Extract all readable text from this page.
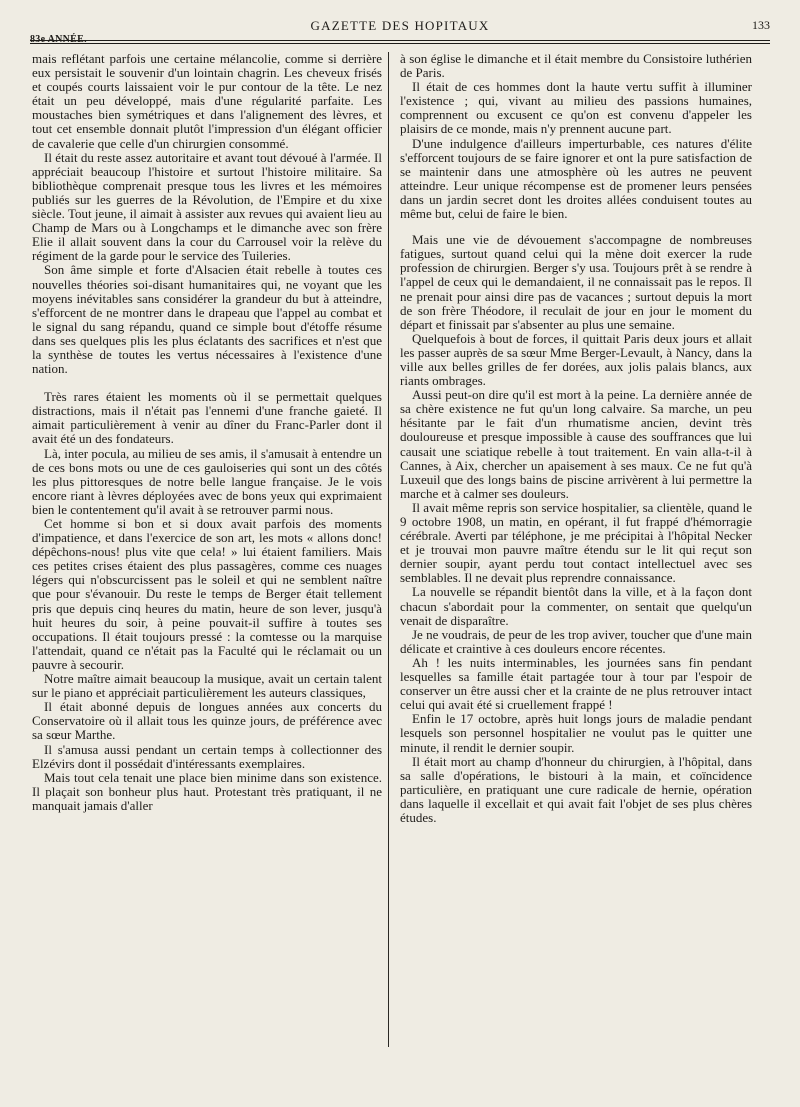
83e ANNÉE.
GAZETTE DES HOPITAUX	133

mais reflétant parfois une certaine mélancolie, comme si derrière eux persistait le souvenir d'un lointain chagrin. Les cheveux frisés et coupés courts laissaient voir le pur contour de la tête. Le nez était un peu développé, mais d'une régularité parfaite. Les moustaches bien symétriques et dans l'alignement des lèvres, et tout cet ensemble donnait plutôt l'impression d'un élégant officier de cavalerie que celle d'un chirurgien consommé.

Il était du reste assez autoritaire et avant tout dévoué à l'armée. Il appréciait beaucoup l'histoire et surtout l'histoire militaire. Sa bibliothèque comprenait presque tous les livres et les mémoires publiés sur les guerres de la Révolution, de l'Empire et du xixe siècle. Tout jeune, il aimait à assister aux revues qui avaient lieu au Champ de Mars ou à Longchamps et le dimanche avec son frère Elie il allait souvent dans la cour du Carrousel voir la relève du régiment de la garde pour le service des Tuileries.

Son âme simple et forte d'Alsacien était rebelle à toutes ces nouvelles théories soi-disant humanitaires qui, ne voyant que les moyens inévitables sans considérer la grandeur du but à atteindre, s'efforcent de ne montrer dans le drapeau que l'appel au combat et le signal du sang répandu, quand ce simple bout d'étoffe résume dans ses quelques plis les plus éclatants des sacrifices et n'est que la synthèse de toutes les vertus nécessaires à l'existence d'une nation.

Très rares étaient les moments où il se permettait quelques distractions, mais il n'était pas l'ennemi d'une franche gaieté. Il aimait particulièrement à venir au dîner du Franc-Parler dont il avait été un des fondateurs.

Là, inter pocula, au milieu de ses amis, il s'amusait à entendre un de ces bons mots ou une de ces gauloiseries qui sont un des côtés les plus pittoresques de notre belle langue française. Je le vois encore riant à lèvres déployées avec de bons yeux qui exprimaient bien le contentement qu'il avait à se retrouver parmi nous.

Cet homme si bon et si doux avait parfois des moments d'impatience, et dans l'exercice de son art, les mots « allons donc! dépêchons-nous! plus vite que cela! » lui étaient familiers. Mais ces petites crises étaient des plus passagères, comme ces nuages légers qui n'obscurcissent pas le soleil et qui ne semblent naître que pour s'évanouir. Du reste le temps de Berger était tellement pris que depuis cinq heures du matin, heure de son lever, jusqu'à huit heures du soir, à peine pouvait-il suffire à toutes ses occupations. Il était toujours pressé : la comtesse ou la marquise l'attendait, quand ce n'était pas la Faculté qui le réclamait ou un pauvre à secourir.

Notre maître aimait beaucoup la musique, avait un certain talent sur le piano et appréciait particulièrement les auteurs classiques,

Il était abonné depuis de longues années aux concerts du Conservatoire où il allait tous les quinze jours, de préférence avec sa sœur Marthe.

Il s'amusa aussi pendant un certain temps à collectionner des Elzévirs dont il possédait d'intéressants exemplaires.

Mais tout cela tenait une place bien minime dans son existence. Il plaçait son bonheur plus haut. Protestant très pratiquant, il ne manquait jamais d'aller

à son église le dimanche et il était membre du Consistoire luthérien de Paris.

Il était de ces hommes dont la haute vertu suffit à illuminer l'existence ; qui, vivant au milieu des passions humaines, comprennent ou excusent ce qu'on est convenu d'appeler les plaisirs de ce monde, mais n'y prennent aucune part.

D'une indulgence d'ailleurs imperturbable, ces natures d'élite s'efforcent toujours de se faire ignorer et ont la pure satisfaction de se maintenir dans une atmosphère où les autres ne peuvent atteindre. Leur unique récompense est de promener leurs pensées dans un jardin secret dont les droites allées conduisent toutes au même but, celui de faire le bien.

Mais une vie de dévouement s'accompagne de nombreuses fatigues, surtout quand celui qui la mène doit exercer la rude profession de chirurgien. Berger s'y usa. Toujours prêt à se rendre à l'appel de ceux qui le demandaient, il ne connaissait pas le repos. Il ne prenait pour ainsi dire pas de vacances ; surtout depuis la mort de son frère Théodore, il reculait de jour en jour le moment du départ et finissait par s'absenter au plus une semaine.

Quelquefois à bout de forces, il quittait Paris deux jours et allait les passer auprès de sa sœur Mme Berger-Levault, à Nancy, dans la ville aux belles grilles de fer dorées, aux jolis palais blancs, aux riants ombrages.

Aussi peut-on dire qu'il est mort à la peine. La dernière année de sa chère existence ne fut qu'un long calvaire. Sa marche, un peu hésitante par le fait d'un rhumatisme ancien, devint très douloureuse et presque impossible à cause des souffrances que lui causait une sciatique rebelle à tout traitement. En vain alla-t-il à Cannes, à Aix, chercher un apaisement à ses maux. Ce ne fut qu'à Luxeuil que des longs bains de piscine arrivèrent à lui permettre la marche et à calmer ses douleurs.

Il avait même repris son service hospitalier, sa clientèle, quand le 9 octobre 1908, un matin, en opérant, il fut frappé d'hémorragie cérébrale. Averti par téléphone, je me précipitai à l'hôpital Necker et je trouvai mon pauvre maître étendu sur le lit qui reçut son dernier soupir, ayant perdu tout contact intellectuel avec ses semblables. Il ne devait plus reprendre connaissance.

La nouvelle se répandit bientôt dans la ville, et à la façon dont chacun s'abordait pour la commenter, on sentait que quelqu'un venait de disparaître.

Je ne voudrais, de peur de les trop aviver, toucher que d'une main délicate et craintive à ces douleurs encore récentes.

Ah ! les nuits interminables, les journées sans fin pendant lesquelles sa famille était partagée tour à tour par l'espoir de conserver un être aussi cher et la crainte de ne plus retrouver intact celui qui avait été si cruellement frappé !

Enfin le 17 octobre, après huit longs jours de maladie pendant lesquels son personnel hospitalier ne voulut pas le quitter une minute, il rendit le dernier soupir.

Il était mort au champ d'honneur du chirurgien, à l'hôpital, dans sa salle d'opérations, le bistouri à la main, et coïncidence particulière, en pratiquant une cure radicale de hernie, opération dans laquelle il excellait et qui avait fait l'objet de ses plus chères études.
